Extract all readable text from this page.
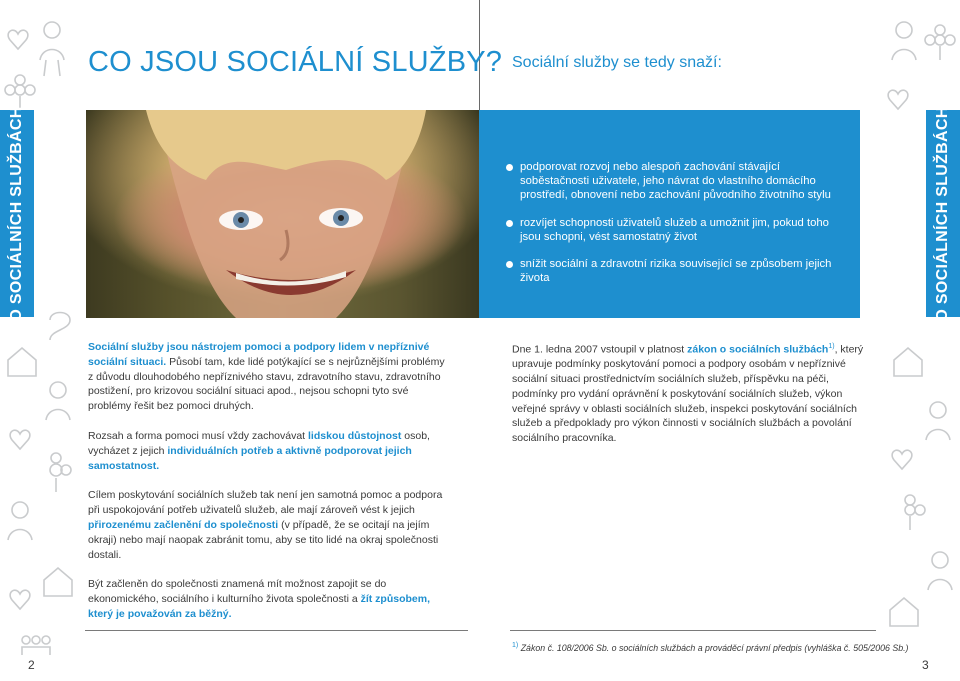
O SOCIÁLNÍCH SLUŽBÁCH	O SOCIÁLNÍCH SLUŽBÁCH
CO JSOU SOCIÁLNÍ SLUŽBY? Sociální služby se tedy snaží:
podporovat rozvoj nebo alespoň zachování stávající soběstačnosti uživatele, jeho návrat do vlastního domácího prostředí, obnovení nebo zachování původního životního stylu
rozvíjet schopnosti uživatelů služeb a umožnit jim, pokud toho jsou schopni, vést samostatný život
snížit sociální a zdravotní rizika související se způsobem jejich života

Sociální služby jsou nástrojem pomoci a podpory lidem v nepříznivé sociální situaci. Působí tam, kde lidé potýkající se s nejrůznějšími problémy z důvodu dlouhodobého nepříznivého stavu, zdravotního stavu, zdravotního postižení, pro krizovou sociální situaci apod., nejsou schopni tyto své problémy řešit bez pomoci druhých.

Rozsah a forma pomoci musí vždy zachovávat lidskou důstojnost osob, vycházet z jejich individuálních potřeb a aktivně podporovat jejich samostatnost.

Cílem poskytování sociálních služeb tak není jen samotná pomoc a podpora při uspokojování potřeb uživatelů služeb, ale mají zároveň vést k jejich přirozenému začlenění do společnosti (v případě, že se ocitají na jejím okraji) nebo mají naopak zabránit tomu, aby se tito lidé na okraj společnosti dostali.

Být začleněn do společnosti znamená mít možnost zapojit se do ekonomického, sociálního i kulturního života společnosti a žít způsobem, který je považován za běžný.

Dne 1. ledna 2007 vstoupil v platnost zákon o sociálních službách$^{1)}$, který upravuje podmínky poskytování pomoci a podpory osobám v nepříznivé sociální situaci prostřednictvím sociálních služeb, příspěvku na péči, podmínky pro vydání oprávnění k poskytování sociálních služeb, výkon veřejné správy v oblasti sociálních služeb, inspekci poskytování sociálních služeb a předpoklady pro výkon činnosti v sociálních službách a povolání sociálního pracovníka.

$^{1)}$ Zákon č. 108/2006 Sb. o sociálních službách a prováděcí právní předpis (vyhláška č. 505/2006 Sb.)
2	3
